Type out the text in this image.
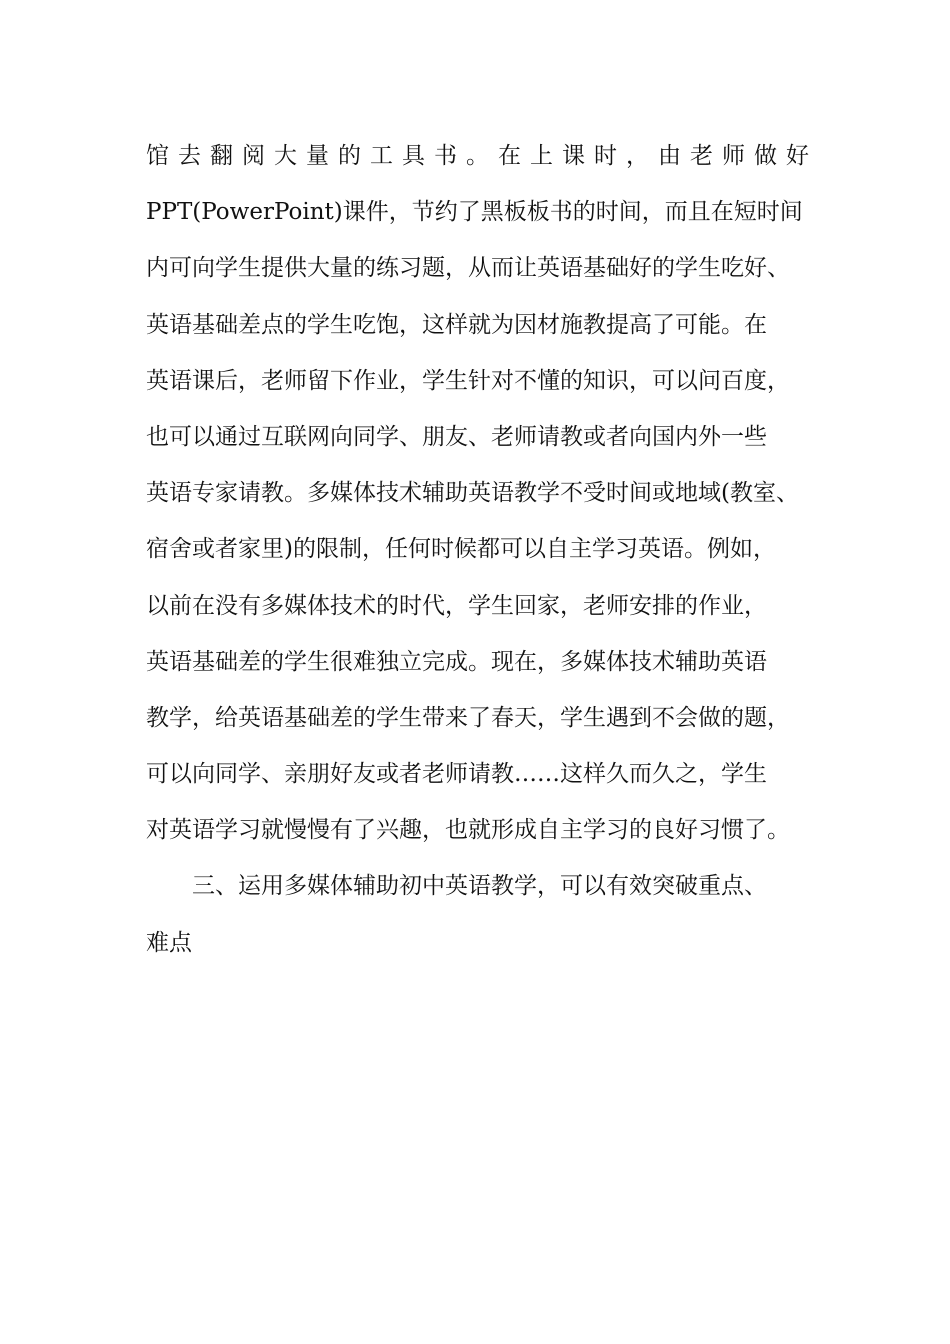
馆去翻阅大量的工具书。在上课时，由老师做好
PPT(PowerPoint)课件，节约了黑板板书的时间，而且在短时间
内可向学生提供大量的练习题，从而让英语基础好的学生吃好、
英语基础差点的学生吃饱，这样就为因材施教提高了可能。在
英语课后，老师留下作业，学生针对不懂的知识，可以问百度，
也可以通过互联网向同学、朋友、老师请教或者向国内外一些
英语专家请教。多媒体技术辅助英语教学不受时间或地域(教室、
宿舍或者家里)的限制，任何时候都可以自主学习英语。例如，
以前在没有多媒体技术的时代，学生回家，老师安排的作业，
英语基础差的学生很难独立完成。现在，多媒体技术辅助英语
教学，给英语基础差的学生带来了春天，学生遇到不会做的题，
可以向同学、亲朋好友或者老师请教……这样久而久之，学生
对英语学习就慢慢有了兴趣，也就形成自主学习的良好习惯了。
三、运用多媒体辅助初中英语教学，可以有效突破重点、
难点
